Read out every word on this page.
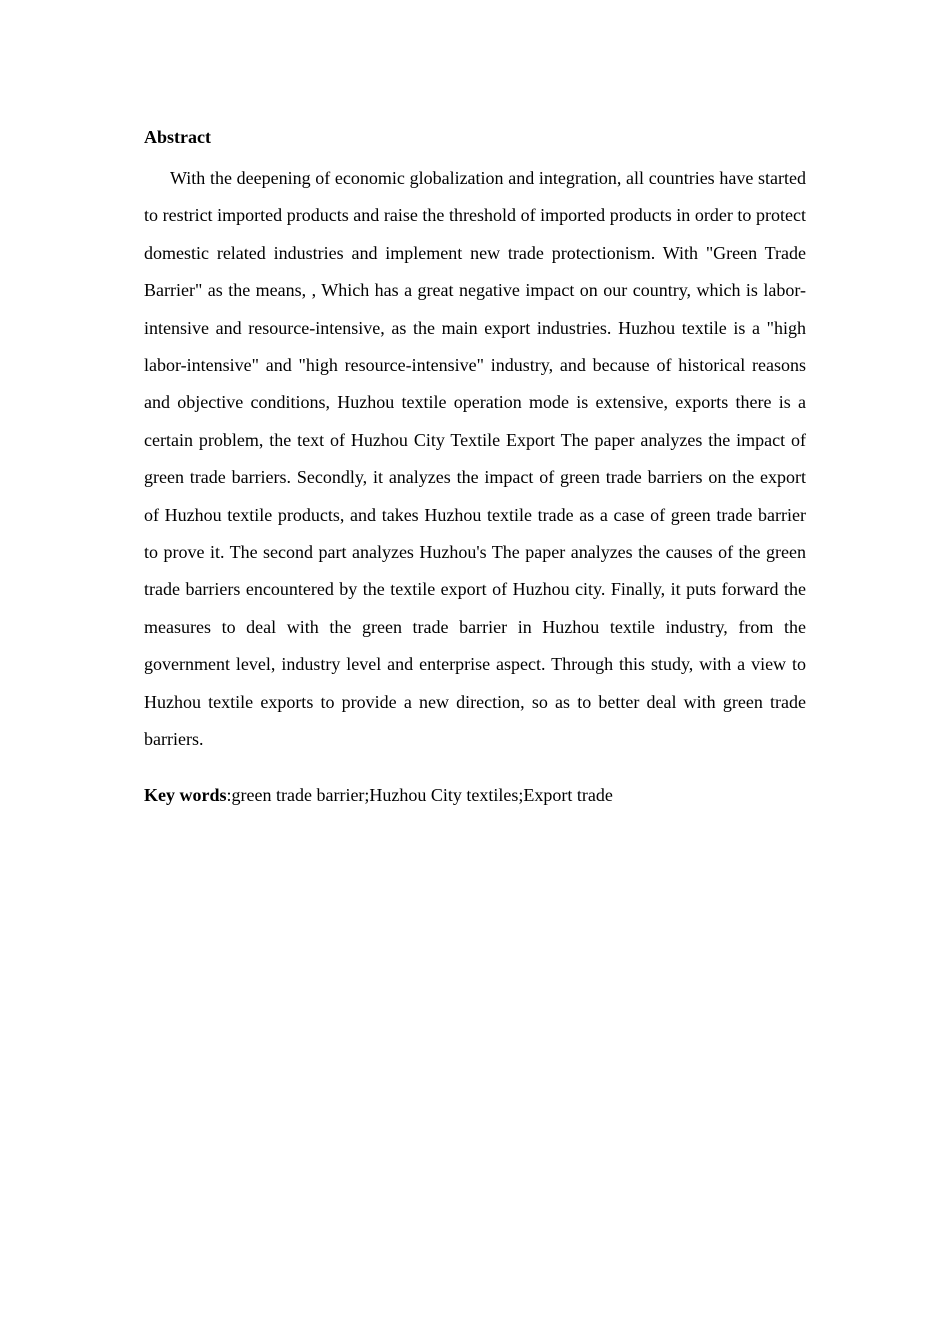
Abstract

With the deepening of economic globalization and integration, all countries have started to restrict imported products and raise the threshold of imported products in order to protect domestic related industries and implement new trade protectionism. With "Green Trade Barrier" as the means, , Which has a great negative impact on our country, which is labor-intensive and resource-intensive, as the main export industries. Huzhou textile is a "high labor-intensive" and "high resource-intensive" industry, and because of historical reasons and objective conditions, Huzhou textile operation mode is extensive, exports there is a certain problem, the text of Huzhou City Textile Export The paper analyzes the impact of green trade barriers. Secondly, it analyzes the impact of green trade barriers on the export of Huzhou textile products, and takes Huzhou textile trade as a case of green trade barrier to prove it. The second part analyzes Huzhou's The paper analyzes the causes of the green trade barriers encountered by the textile export of Huzhou city. Finally, it puts forward the measures to deal with the green trade barrier in Huzhou textile industry, from the government level, industry level and enterprise aspect. Through this study, with a view to Huzhou textile exports to provide a new direction, so as to better deal with green trade barriers.

Key words:green trade barrier;Huzhou City textiles;Export trade
